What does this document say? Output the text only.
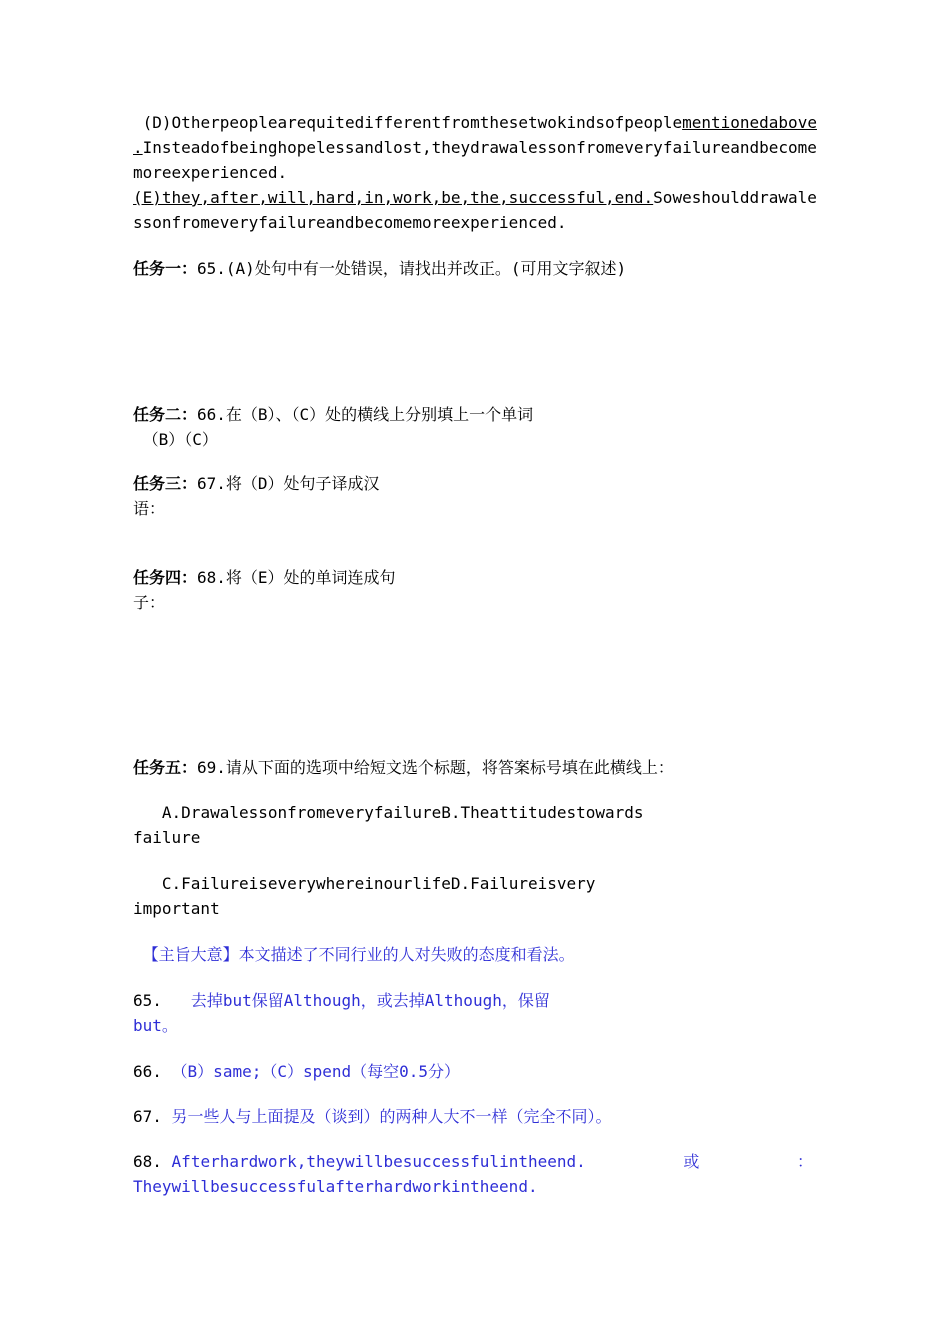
(D)Otherpeoplearequitedifferentfromthesetwokindsofpeoplementionedabove
.Insteadofbeinghopelessandlost,theydrawalessonfromeveryfailureandbecome
moreexperienced.
(E)they,after,will,hard,in,work,be,the,successful,end.Soweshoulddrawale
ssonfromeveryfailureandbecomemoreexperienced.
任务一：65.(A)处句中有一处错误，请找出并改正。(可用文字叙述)
任务二：66.在（B）、（C）处的横线上分别填上一个单词
（B）（C）
任务三：67.将（D）处句子译成汉
语：
任务四：68.将（E）处的单词连成句
子：
任务五：69.请从下面的选项中给短文选个标题，将答案标号填在此横线上：
A.DrawalessonfromeveryfailureB.Theattitudestowards
failure
C.FailureiseverywhereinourlifeD.Failureisvery
important
【主旨大意】本文描述了不同行业的人对失败的态度和看法。
65. 去掉but保留Although，或去掉Although，保留
but。
66. （B）same;（C）spend（每空0.5分）
67. 另一些人与上面提及（谈到）的两种人大不一样（完全不同）。
68. Afterhardwork,theywillbesuccessfulintheend.	或	：
Theywillbesuccessfulafterhardworkintheend.
